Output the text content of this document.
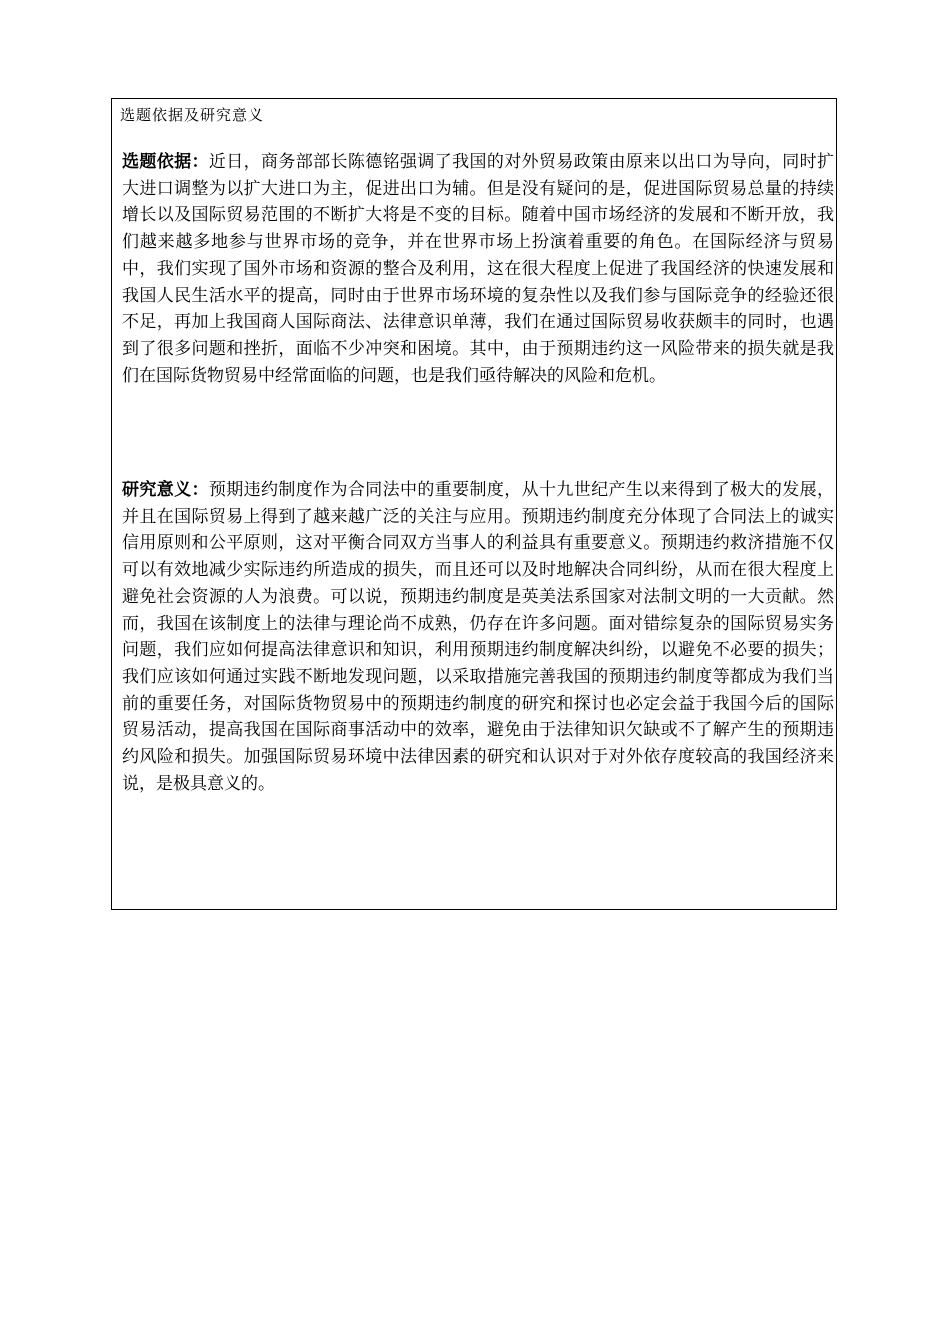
选题依据及研究意义

选题依据：近日，商务部部长陈德铭强调了我国的对外贸易政策由原来以出口为导向，同时扩大进口调整为以扩大进口为主，促进出口为辅。但是没有疑问的是，促进国际贸易总量的持续增长以及国际贸易范围的不断扩大将是不变的目标。随着中国市场经济的发展和不断开放，我们越来越多地参与世界市场的竞争，并在世界市场上扮演着重要的角色。在国际经济与贸易中，我们实现了国外市场和资源的整合及利用，这在很大程度上促进了我国经济的快速发展和我国人民生活水平的提高，同时由于世界市场环境的复杂性以及我们参与国际竞争的经验还很不足，再加上我国商人国际商法、法律意识单薄，我们在通过国际贸易收获颇丰的同时，也遇到了很多问题和挫折，面临不少冲突和困境。其中，由于预期违约这一风险带来的损失就是我们在国际货物贸易中经常面临的问题，也是我们亟待解决的风险和危机。

研究意义：预期违约制度作为合同法中的重要制度，从十九世纪产生以来得到了极大的发展，并且在国际贸易上得到了越来越广泛的关注与应用。预期违约制度充分体现了合同法上的诚实信用原则和公平原则，这对平衡合同双方当事人的利益具有重要意义。预期违约救济措施不仅可以有效地减少实际违约所造成的损失，而且还可以及时地解决合同纠纷，从而在很大程度上避免社会资源的人为浪费。可以说，预期违约制度是英美法系国家对法制文明的一大贡献。然而，我国在该制度上的法律与理论尚不成熟，仍存在许多问题。面对错综复杂的国际贸易实务问题，我们应如何提高法律意识和知识，利用预期违约制度解决纠纷，以避免不必要的损失；我们应该如何通过实践不断地发现问题，以采取措施完善我国的预期违约制度等都成为我们当前的重要任务，对国际货物贸易中的预期违约制度的研究和探讨也必定会益于我国今后的国际贸易活动，提高我国在国际商事活动中的效率，避免由于法律知识欠缺或不了解产生的预期违约风险和损失。加强国际贸易环境中法律因素的研究和认识对于对外依存度较高的我国经济来说，是极具意义的。
